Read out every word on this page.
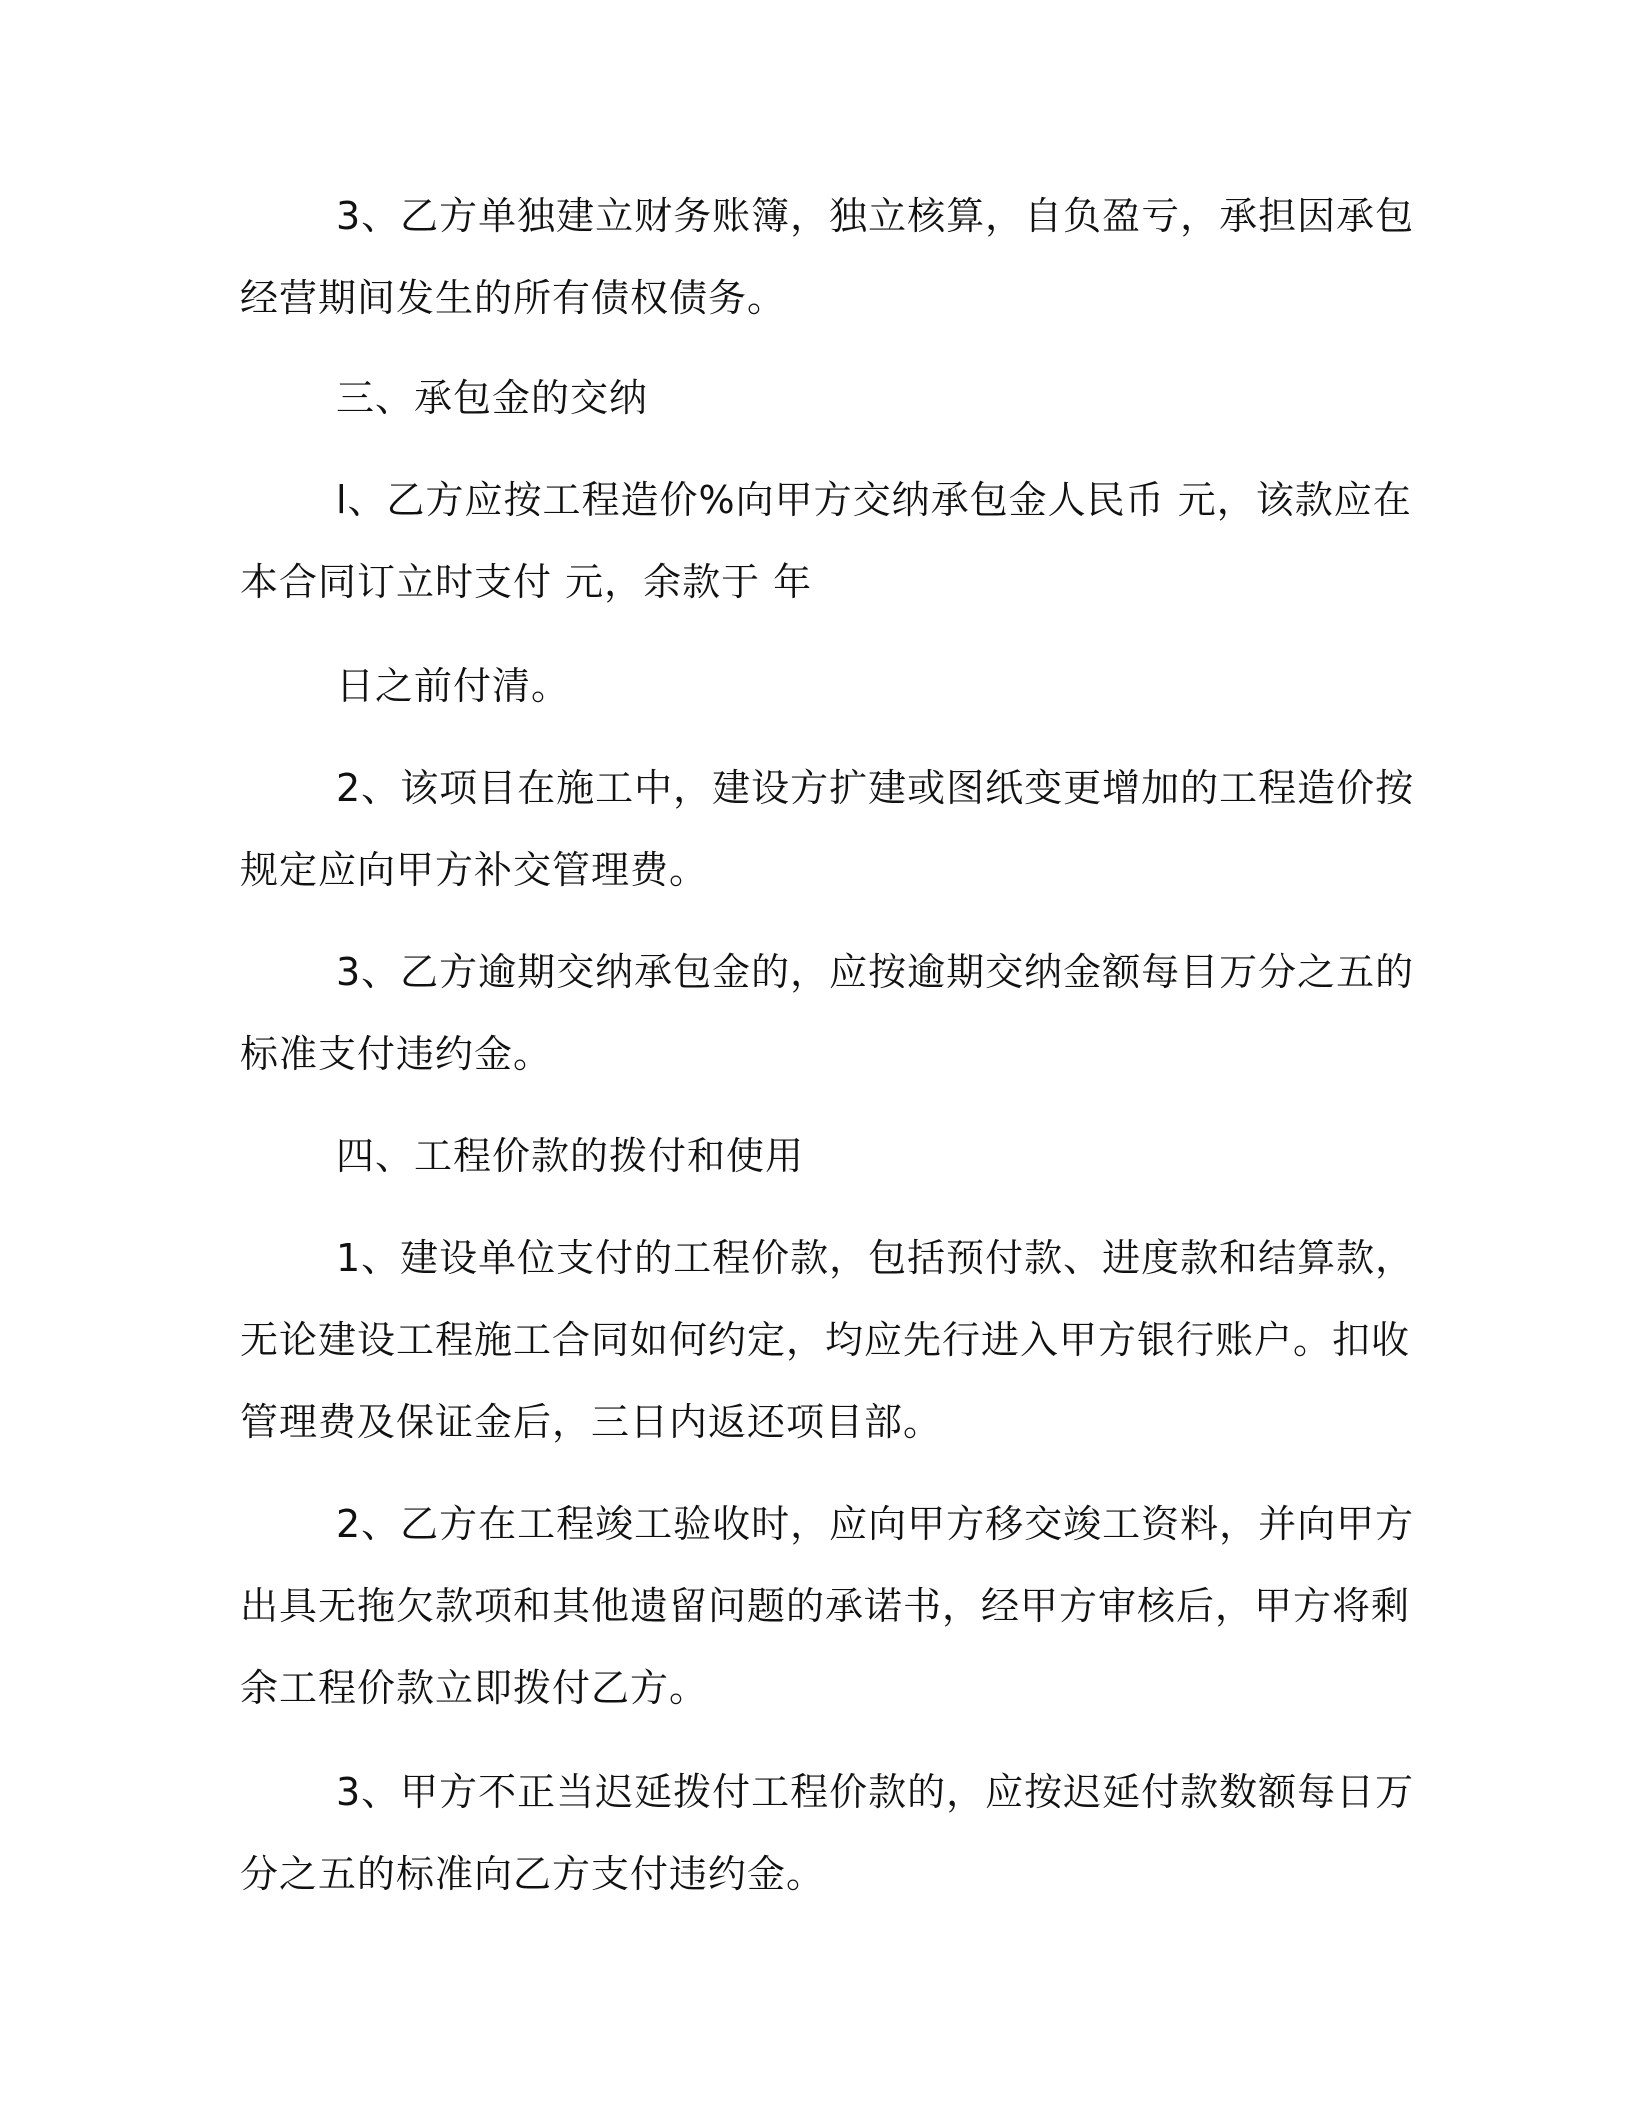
3、乙方单独建立财务账簿，独立核算，自负盈亏，承担因承包
经营期间发生的所有债权债务。
三、承包金的交纳
l、乙方应按工程造价%向甲方交纳承包金人民币 元，该款应在
本合同订立时支付 元，余款于 年
日之前付清。
2、该项目在施工中，建设方扩建或图纸变更增加的工程造价按
规定应向甲方补交管理费。
3、乙方逾期交纳承包金的，应按逾期交纳金额每目万分之五的
标准支付违约金。
四、工程价款的拨付和使用
1、建设单位支付的工程价款，包括预付款、进度款和结算款，
无论建设工程施工合同如何约定，均应先行进入甲方银行账户。扣收
管理费及保证金后，三日内返还项目部。
2、乙方在工程竣工验收时，应向甲方移交竣工资料，并向甲方
出具无拖欠款项和其他遗留问题的承诺书，经甲方审核后，甲方将剩
余工程价款立即拨付乙方。
3、甲方不正当迟延拨付工程价款的，应按迟延付款数额每日万
分之五的标准向乙方支付违约金。
